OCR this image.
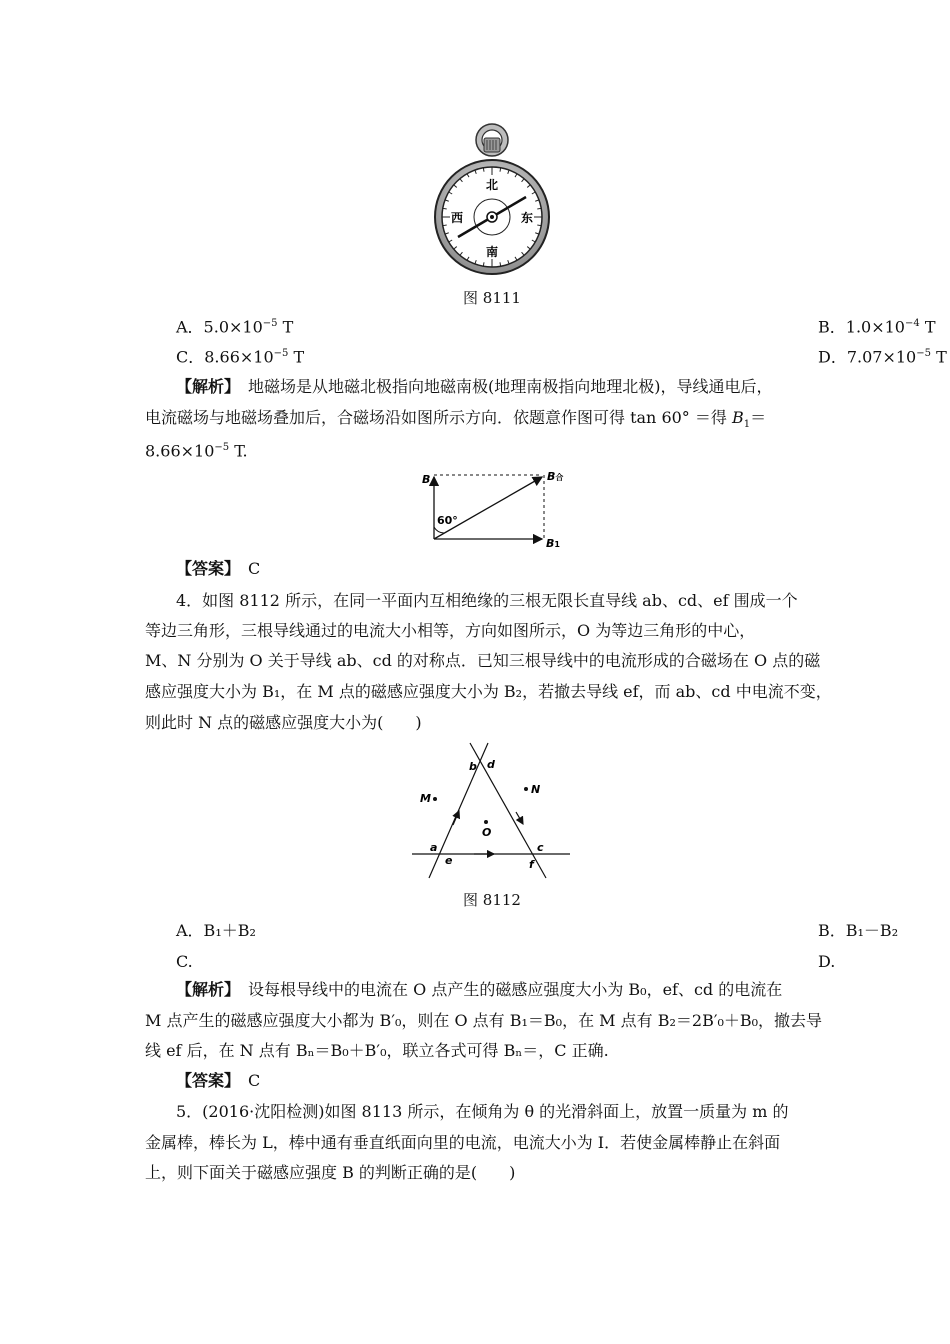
北
南
东
西
图 8111
A．$5.0\times 10^{-5}$ T	B．$1.0\times 10^{-4}$ T
C．$8.66\times 10^{-5}$ T	D．$7.07\times 10^{-5}$ T
【解析】　 地磁场是从地磁北极指向地磁南极(地理南极指向地理北极)，导线通电后，
电流磁场与地磁场叠加后，合磁场沿如图所示方向．依题意作图可得 tan 60° ＝得 $B_1=$
$8.66\times 10^{-5}$ T.
B	B合
B1
60°
【答案】　 C
4．如图 8112 所示，在同一平面内互相绝缘的三根无限长直导线 ab、cd、ef 围成一个
等边三角形，三根导线通过的电流大小相等，方向如图所示，O 为等边三角形的中心，
M、N 分别为 O 关于导线 ab、cd 的对称点．已知三根导线中的电流形成的合磁场在 O 点的磁
感应强度大小为 B₁，在 M 点的磁感应强度大小为 B₂，若撤去导线 ef，而 ab、cd 中电流不变，
则此时 N 点的磁感应强度大小为(　　)
a
b
c
d
e	f
M
N
O
图 8112
A．B₁＋B₂	B．B₁－B₂
C.	D.
【解析】　 设每根导线中的电流在 O 点产生的磁感应强度大小为 B₀，ef、cd 的电流在
M 点产生的磁感应强度大小都为 B′₀，则在 O 点有 B₁＝B₀，在 M 点有 B₂＝2B′₀＋B₀，撤去导
线 ef 后，在 N 点有 Bₙ＝B₀＋B′₀，联立各式可得 Bₙ＝，C 正确.
【答案】　 C
5．(2016·沈阳检测)如图 8113 所示，在倾角为 θ 的光滑斜面上，放置一质量为 m 的
金属棒，棒长为 L，棒中通有垂直纸面向里的电流，电流大小为 I．若使金属棒静止在斜面
上，则下面关于磁感应强度 B 的判断正确的是(　　)
